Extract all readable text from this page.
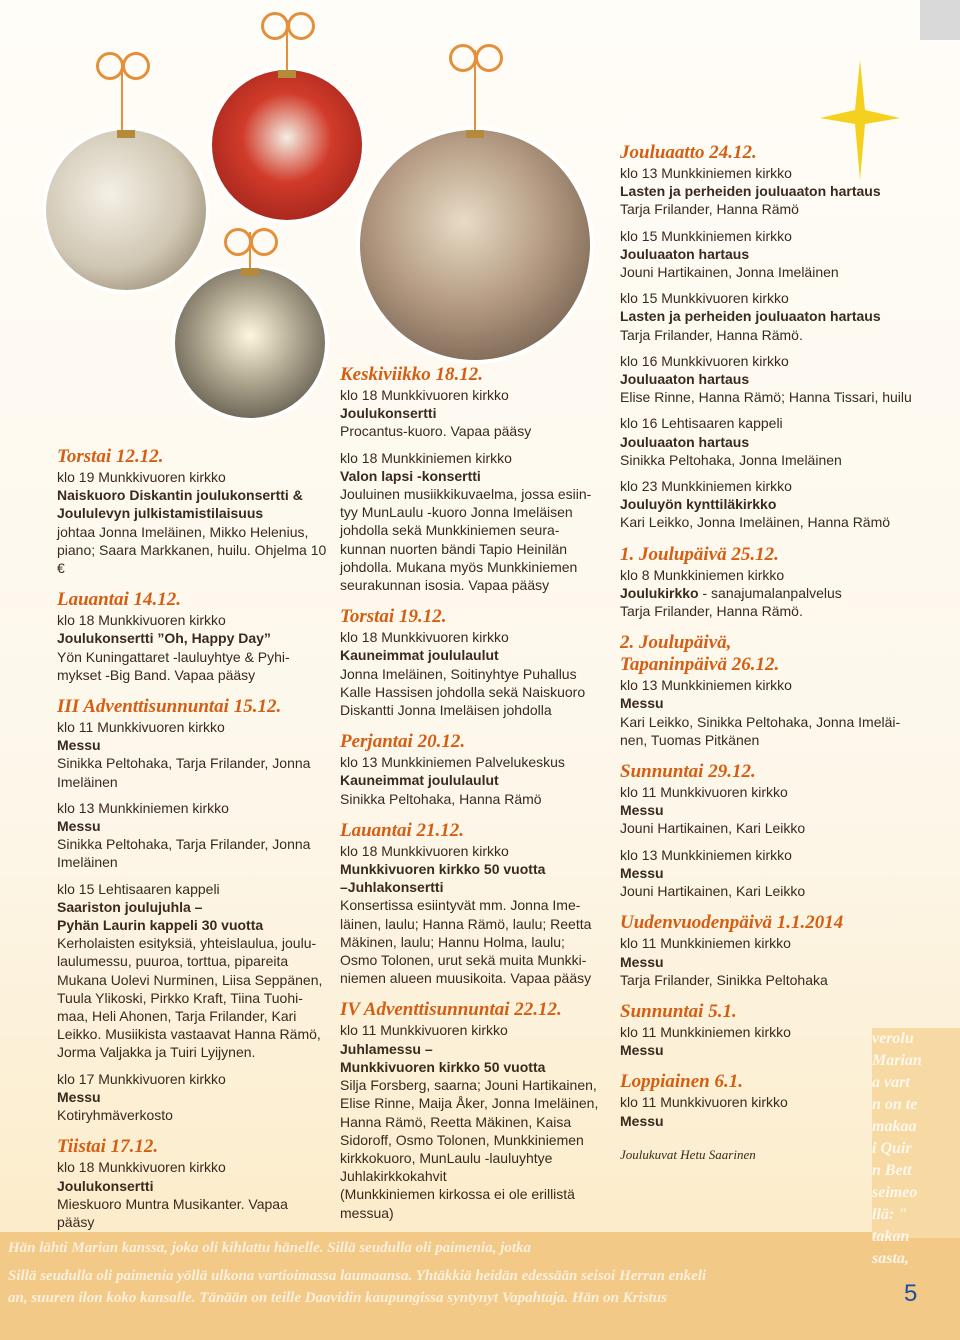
Torstai 12.12.
klo 19 Munkkivuoren kirkko
Naiskuoro Diskantin joulukonsertti &
Joululevyn julkistamistilaisuus
johtaa Jonna Imeläinen, Mikko Helenius,
piano; Saara Markkanen, huilu. Ohjelma 10 €
Lauantai 14.12.
klo 18 Munkkivuoren kirkko
Joulukonsertti ”Oh, Happy Day”
Yön Kuningattaret -lauluyhtye & Pyhi-
mykset -Big Band. Vapaa pääsy
III Adventtisunnuntai 15.12.
klo 11 Munkkivuoren kirkko
Messu
Sinikka Peltohaka, Tarja Frilander, Jonna
Imeläinen
klo 13 Munkkiniemen kirkko
Messu
Sinikka Peltohaka, Tarja Frilander, Jonna
Imeläinen
klo 15 Lehtisaaren kappeli
Saariston joulujuhla –
Pyhän Laurin kappeli 30 vuotta
Kerholaisten esityksiä, yhteislaulua, joulu-
laulumessu, puuroa, torttua, pipareita
Mukana Uolevi Nurminen, Liisa Seppänen,
Tuula Ylikoski, Pirkko Kraft, Tiina Tuohi-
maa, Heli Ahonen, Tarja Frilander, Kari
Leikko. Musiikista vastaavat Hanna Rämö,
Jorma Valjakka ja Tuiri Lyijynen.
klo 17 Munkkivuoren kirkko
Messu
Kotiryhmäverkosto
Tiistai 17.12.
klo 18 Munkkivuoren kirkko
Joulukonsertti
Mieskuoro Muntra Musikanter. Vapaa
pääsy
Keskiviikko 18.12.
klo 18 Munkkivuoren kirkko
Joulukonsertti
Procantus-kuoro. Vapaa pääsy
klo 18 Munkkiniemen kirkko
Valon lapsi -konsertti
Jouluinen musiikkikuvaelma, jossa esiin-
tyy MunLaulu -kuoro Jonna Imeläisen
johdolla sekä Munkkiniemen seura-
kunnan nuorten bändi Tapio Heinilän
johdolla. Mukana myös Munkkiniemen
seurakunnan isosia. Vapaa pääsy
Torstai 19.12.
klo 18 Munkkivuoren kirkko
Kauneimmat joululaulut
Jonna Imeläinen, Soitinyhtye Puhallus
Kalle Hassisen johdolla sekä Naiskuoro
Diskantti Jonna Imeläisen johdolla
Perjantai 20.12.
klo 13 Munkkiniemen Palvelukeskus
Kauneimmat joululaulut
Sinikka Peltohaka, Hanna Rämö
Lauantai 21.12.
klo 18 Munkkivuoren kirkko
Munkkivuoren kirkko 50 vuotta
–Juhlakonsertti
Konsertissa esiintyvät mm. Jonna Ime-
läinen, laulu; Hanna Rämö, laulu; Reetta
Mäkinen, laulu; Hannu Holma, laulu;
Osmo Tolonen, urut sekä muita Munkki-
niemen alueen muusikoita. Vapaa pääsy
IV Adventtisunnuntai 22.12.
klo 11 Munkkivuoren kirkko
Juhlamessu –
Munkkivuoren kirkko 50 vuotta
Silja Forsberg, saarna; Jouni Hartikainen,
Elise Rinne, Maija Åker, Jonna Imeläinen,
Hanna Rämö, Reetta Mäkinen, Kaisa
Sidoroff, Osmo Tolonen, Munkkiniemen
kirkkokuoro, MunLaulu -lauluyhtye
Juhlakirkkokahvit
(Munkkiniemen kirkossa ei ole erillistä
messua)
Jouluaatto 24.12.
klo 13 Munkkiniemen kirkko
Lasten ja perheiden jouluaaton hartaus
Tarja Frilander, Hanna Rämö
klo 15 Munkkiniemen kirkko
Jouluaaton hartaus
Jouni Hartikainen, Jonna Imeläinen
klo 15 Munkkivuoren kirkko
Lasten ja perheiden jouluaaton hartaus
Tarja Frilander, Hanna Rämö.
klo 16 Munkkivuoren kirkko
Jouluaaton hartaus
Elise Rinne, Hanna Rämö; Hanna Tissari, huilu
klo 16 Lehtisaaren kappeli
Jouluaaton hartaus
Sinikka Peltohaka, Jonna Imeläinen
klo 23 Munkkiniemen kirkko
Jouluyön kynttiläkirkko
Kari Leikko, Jonna Imeläinen, Hanna Rämö
1. Joulupäivä 25.12.
klo 8 Munkkiniemen kirkko
Joulukirkko - sanajumalanpalvelus
Tarja Frilander, Hanna Rämö.
2. Joulupäivä,
Tapaninpäivä 26.12.
klo 13 Munkkiniemen kirkko
Messu
Kari Leikko, Sinikka Peltohaka, Jonna Imeläi-
nen, Tuomas Pitkänen
Sunnuntai 29.12.
klo 11 Munkkivuoren kirkko
Messu
Jouni Hartikainen, Kari Leikko
klo 13 Munkkiniemen kirkko
Messu
Jouni Hartikainen, Kari Leikko
Uudenvuodenpäivä 1.1.2014
klo 11 Munkkiniemen kirkko
Messu
Tarja Frilander, Sinikka Peltohaka
Sunnuntai 5.1.
klo 11 Munkkiniemen kirkko
Messu
Loppiainen 6.1.
klo 11 Munkkivuoren kirkko
Messu
Joulukuvat Hetu Saarinen
Hän lähti Marian kanssa, joka oli kihlattu hänelle. Sillä seudulla oli paimenia, jotka
Sillä seudulla oli paimenia yöllä ulkona vartioimassa laumaansa. Yhtäkkiä heidän edessään seisoi Herran enkeli
an, suuren ilon koko kansalle. Tänään on teille Daavidin kaupungissa syntynyt Vapahtaja. Hän on Kristus
verolu
Marian
a vart
n on te
makaa
i Quir
n Bett
seimeo
llä: "
takan
sasta,
5
